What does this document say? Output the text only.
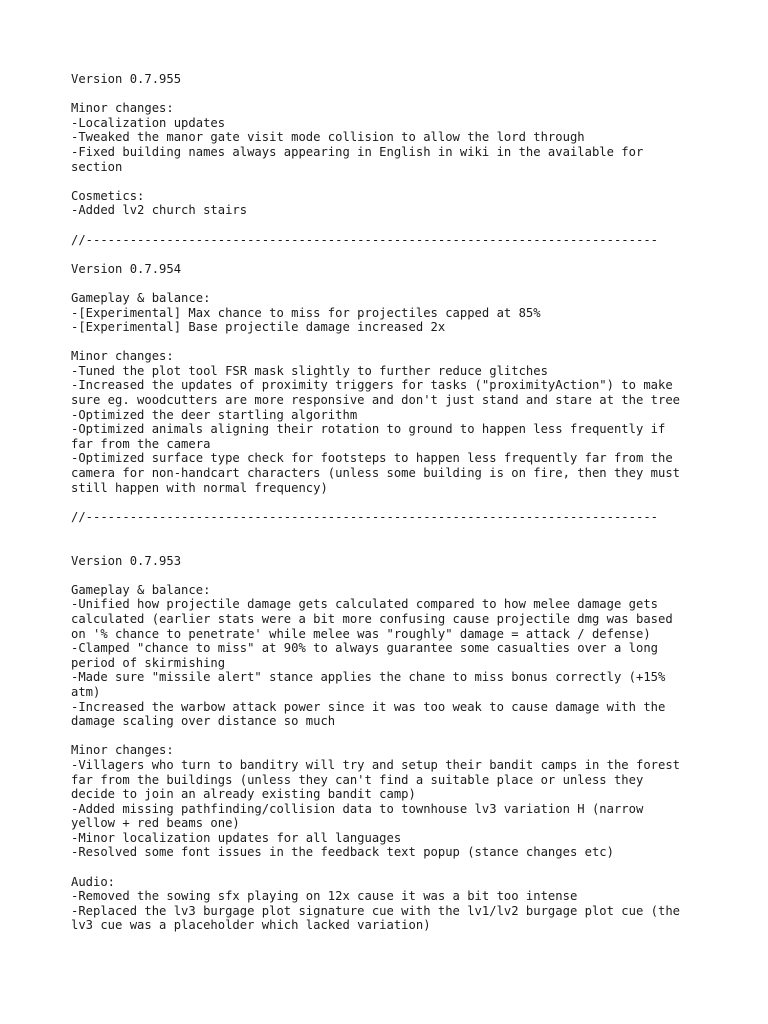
Version 0.7.955
Minor changes:
-Localization updates
-Tweaked the manor gate visit mode collision to allow the lord through
-Fixed building names always appearing in English in wiki in the available for
section
Cosmetics:
-Added lv2 church stairs
//------------------------------------------------------------------------------
Version 0.7.954
Gameplay & balance:
-[Experimental] Max chance to miss for projectiles capped at 85%
-[Experimental] Base projectile damage increased 2x
Minor changes:
-Tuned the plot tool FSR mask slightly to further reduce glitches
-Increased the updates of proximity triggers for tasks ("proximityAction") to make
sure eg. woodcutters are more responsive and don't just stand and stare at the tree
-Optimized the deer startling algorithm
-Optimized animals aligning their rotation to ground to happen less frequently if
far from the camera
-Optimized surface type check for footsteps to happen less frequently far from the
camera for non-handcart characters (unless some building is on fire, then they must
still happen with normal frequency)
//------------------------------------------------------------------------------
Version 0.7.953
Gameplay & balance:
-Unified how projectile damage gets calculated compared to how melee damage gets
calculated (earlier stats were a bit more confusing cause projectile dmg was based
on '% chance to penetrate' while melee was "roughly" damage = attack / defense)
-Clamped "chance to miss" at 90% to always guarantee some casualties over a long
period of skirmishing
-Made sure "missile alert" stance applies the chane to miss bonus correctly (+15%
atm)
-Increased the warbow attack power since it was too weak to cause damage with the
damage scaling over distance so much
Minor changes:
-Villagers who turn to banditry will try and setup their bandit camps in the forest
far from the buildings (unless they can't find a suitable place or unless they
decide to join an already existing bandit camp)
-Added missing pathfinding/collision data to townhouse lv3 variation H (narrow
yellow + red beams one)
-Minor localization updates for all languages
-Resolved some font issues in the feedback text popup (stance changes etc)
Audio:
-Removed the sowing sfx playing on 12x cause it was a bit too intense
-Replaced the lv3 burgage plot signature cue with the lv1/lv2 burgage plot cue (the
lv3 cue was a placeholder which lacked variation)
